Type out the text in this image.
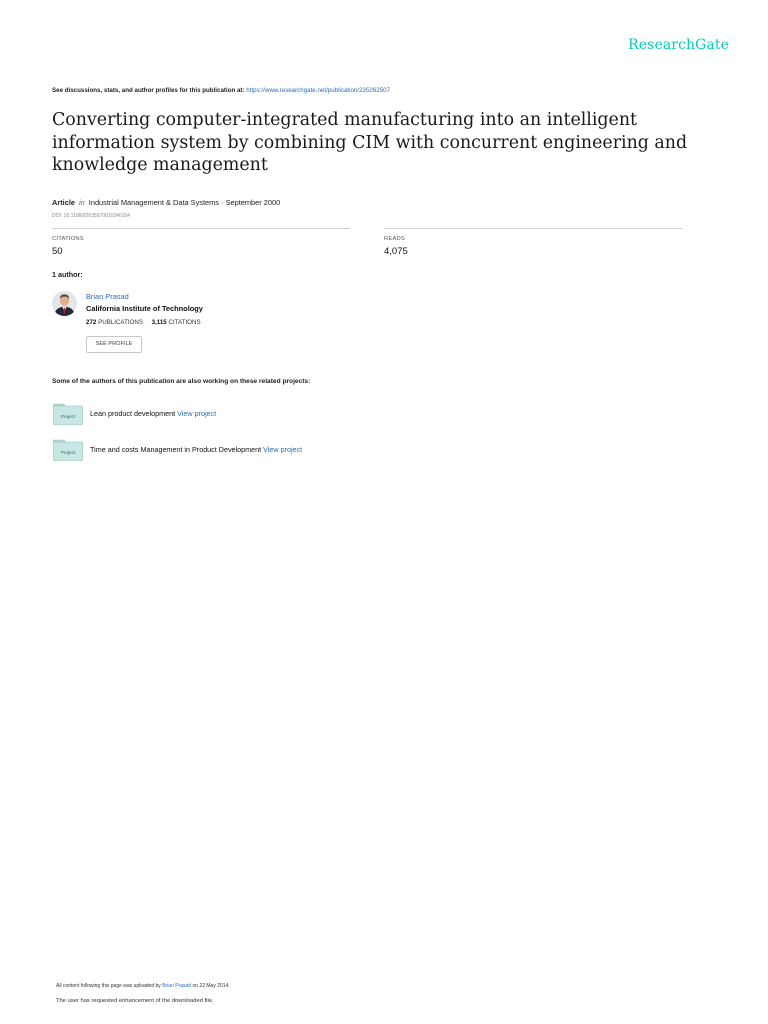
ResearchGate
See discussions, stats, and author profiles for this publication at: https://www.researchgate.net/publication/235262507
Converting computer-integrated manufacturing into an intelligent information system by combining CIM with concurrent engineering and knowledge management
Article in Industrial Management & Data Systems · September 2000
DOI: 10.1108/02635570010340104
CITATIONS
50
READS
4,075
1 author:
Brian Prasad
California Institute of Technology
272 PUBLICATIONS 3,115 CITATIONS
SEE PROFILE
Some of the authors of this publication are also working on these related projects:
Project Lean product development View project
Project Time and costs Management in Product Development View project
All content following this page was uploaded by Brian Prasad on 22 May 2014.
The user has requested enhancement of the downloaded file.
